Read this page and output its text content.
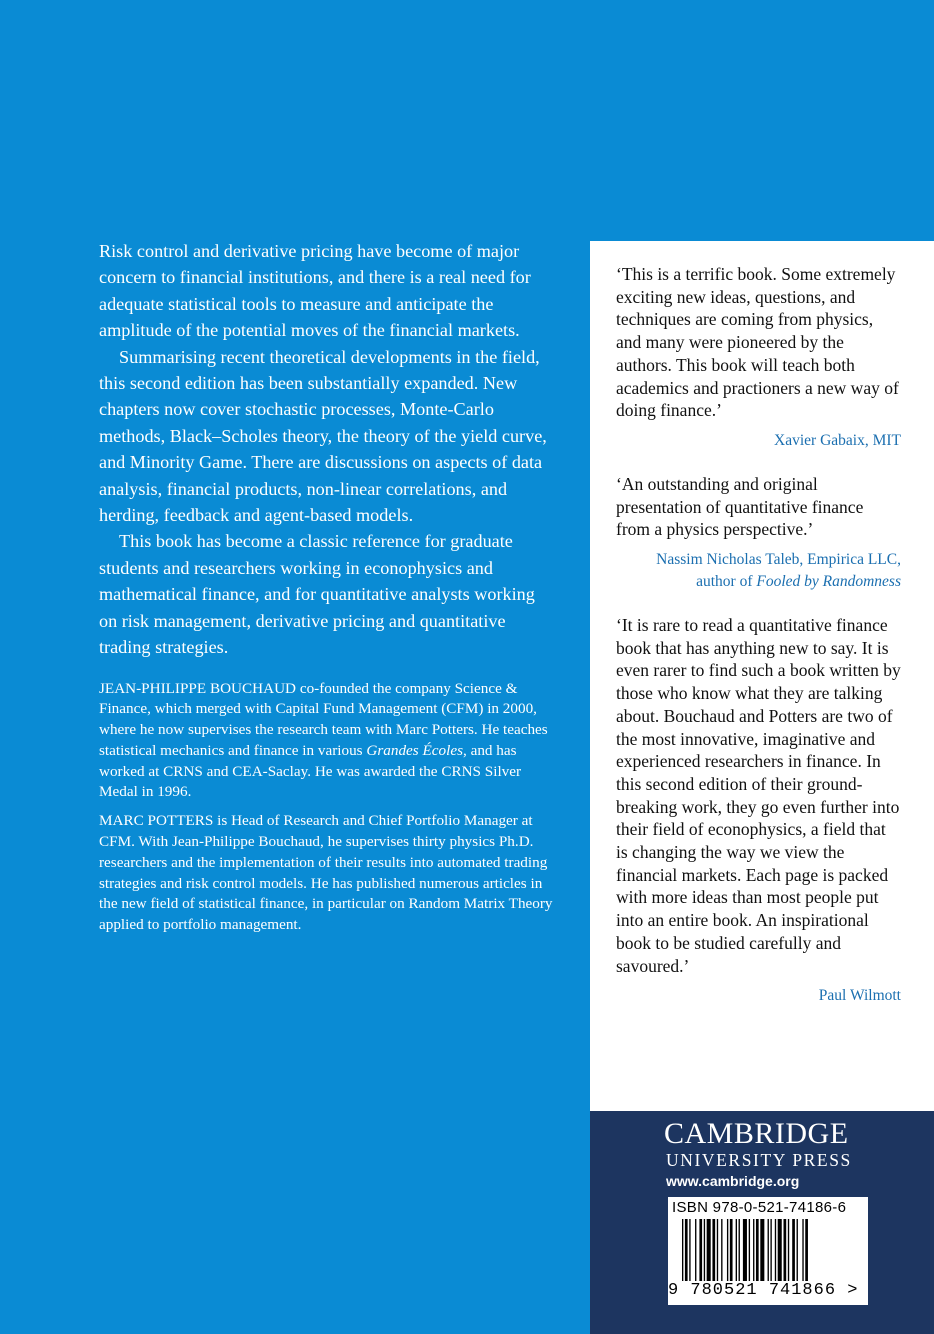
Risk control and derivative pricing have become of major concern to financial institutions, and there is a real need for adequate statistical tools to measure and anticipate the amplitude of the potential moves of the financial markets.

Summarising recent theoretical developments in the field, this second edition has been substantially expanded. New chapters now cover stochastic processes, Monte-Carlo methods, Black–Scholes theory, the theory of the yield curve, and Minority Game. There are discussions on aspects of data analysis, financial products, non-linear correlations, and herding, feedback and agent-based models.

This book has become a classic reference for graduate students and researchers working in econophysics and mathematical finance, and for quantitative analysts working on risk management, derivative pricing and quantitative trading strategies.

JEAN-PHILIPPE BOUCHAUD co-founded the company Science & Finance, which merged with Capital Fund Management (CFM) in 2000, where he now supervises the research team with Marc Potters. He teaches statistical mechanics and finance in various Grandes Écoles, and has worked at CRNS and CEA-Saclay. He was awarded the CRNS Silver Medal in 1996.

MARC POTTERS is Head of Research and Chief Portfolio Manager at CFM. With Jean-Philippe Bouchaud, he supervises thirty physics Ph.D. researchers and the implementation of their results into automated trading strategies and risk control models. He has published numerous articles in the new field of statistical finance, in particular on Random Matrix Theory applied to portfolio management.

‘This is a terrific book. Some extremely exciting new ideas, questions, and techniques are coming from physics, and many were pioneered by the authors. This book will teach both academics and practioners a new way of doing finance.’

Xavier Gabaix, MIT

‘An outstanding and original presentation of quantitative finance from a physics perspective.’

Nassim Nicholas Taleb, Empirica LLC,
author of Fooled by Randomness

‘It is rare to read a quantitative finance book that has anything new to say. It is even rarer to find such a book written by those who know what they are talking about. Bouchaud and Potters are two of the most innovative, imaginative and experienced researchers in finance. In this second edition of their ground-breaking work, they go even further into their field of econophysics, a field that is changing the way we view the financial markets. Each page is packed with more ideas than most people put into an entire book. An inspirational book to be studied carefully and savoured.’

Paul Wilmott

CAMBRIDGE
UNIVERSITY PRESS
www.cambridge.org
ISBN 978-0-521-74186-6
9 780521 741866 >
